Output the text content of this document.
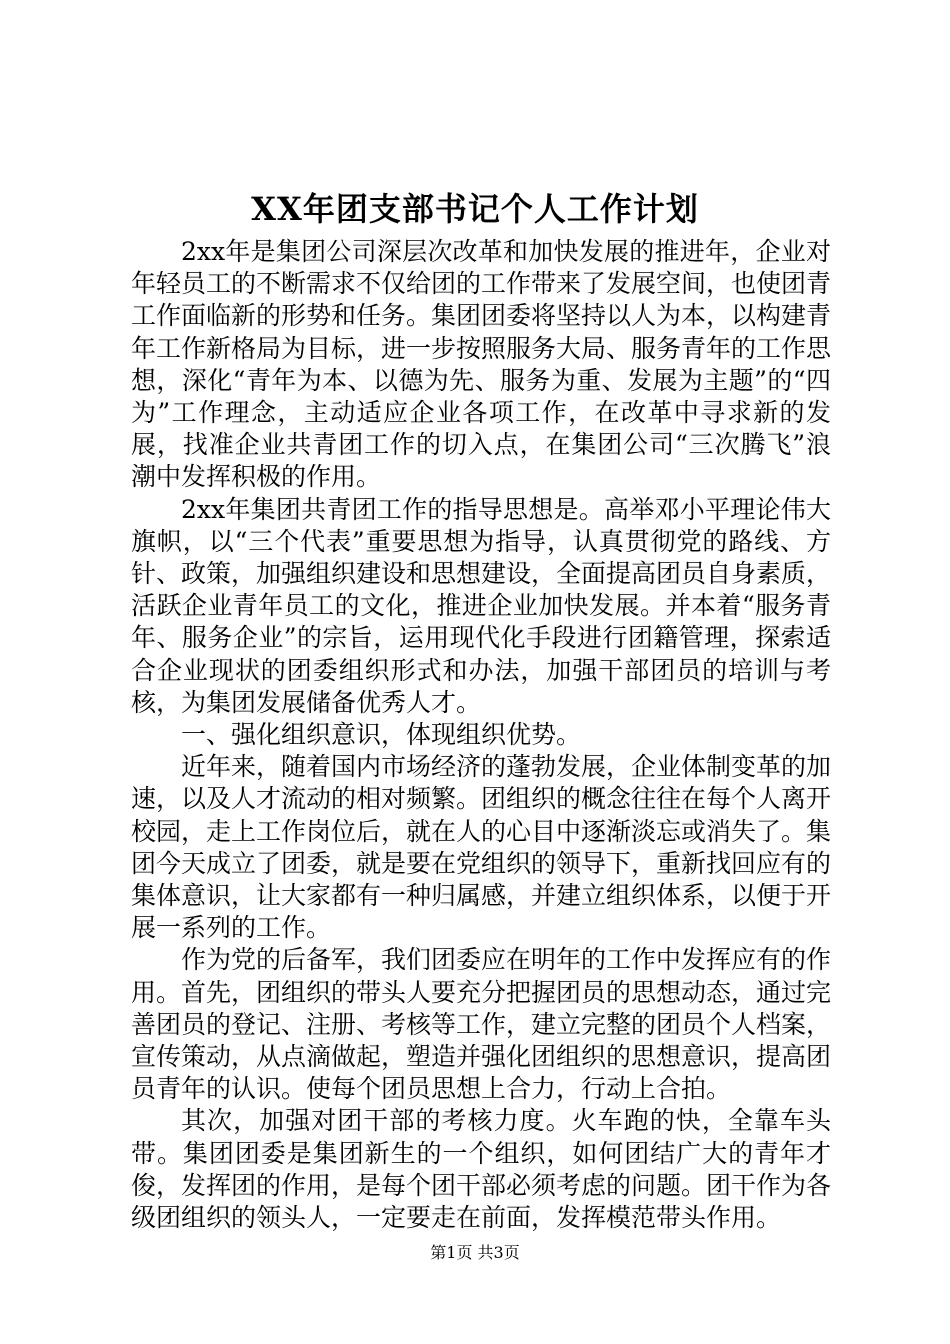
XX年团支部书记个人工作计划

2xx年是集团公司深层次改革和加快发展的推进年，企业对年轻员工的不断需求不仅给团的工作带来了发展空间，也使团青工作面临新的形势和任务。集团团委将坚持以人为本，以构建青年工作新格局为目标，进一步按照服务大局、服务青年的工作思想，深化“青年为本、以德为先、服务为重、发展为主题”的“四为”工作理念，主动适应企业各项工作，在改革中寻求新的发展，找准企业共青团工作的切入点，在集团公司“三次腾飞”浪潮中发挥积极的作用。

2xx年集团共青团工作的指导思想是。高举邓小平理论伟大旗帜，以“三个代表”重要思想为指导，认真贯彻党的路线、方针、政策，加强组织建设和思想建设，全面提高团员自身素质，活跃企业青年员工的文化，推进企业加快发展。并本着“服务青年、服务企业”的宗旨，运用现代化手段进行团籍管理，探索适合企业现状的团委组织形式和办法，加强干部团员的培训与考核，为集团发展储备优秀人才。

一、强化组织意识，体现组织优势。

近年来，随着国内市场经济的蓬勃发展，企业体制变革的加速，以及人才流动的相对频繁。团组织的概念往往在每个人离开校园，走上工作岗位后，就在人的心目中逐渐淡忘或消失了。集团今天成立了团委，就是要在党组织的领导下，重新找回应有的集体意识，让大家都有一种归属感，并建立组织体系，以便于开展一系列的工作。

作为党的后备军，我们团委应在明年的工作中发挥应有的作用。首先，团组织的带头人要充分把握团员的思想动态，通过完善团员的登记、注册、考核等工作，建立完整的团员个人档案，宣传策动，从点滴做起，塑造并强化团组织的思想意识，提高团员青年的认识。使每个团员思想上合力，行动上合拍。

其次，加强对团干部的考核力度。火车跑的快，全靠车头带。集团团委是集团新生的一个组织，如何团结广大的青年才俊，发挥团的作用，是每个团干部必须考虑的问题。团干作为各级团组织的领头人，一定要走在前面，发挥模范带头作用。

第1页 共3页
